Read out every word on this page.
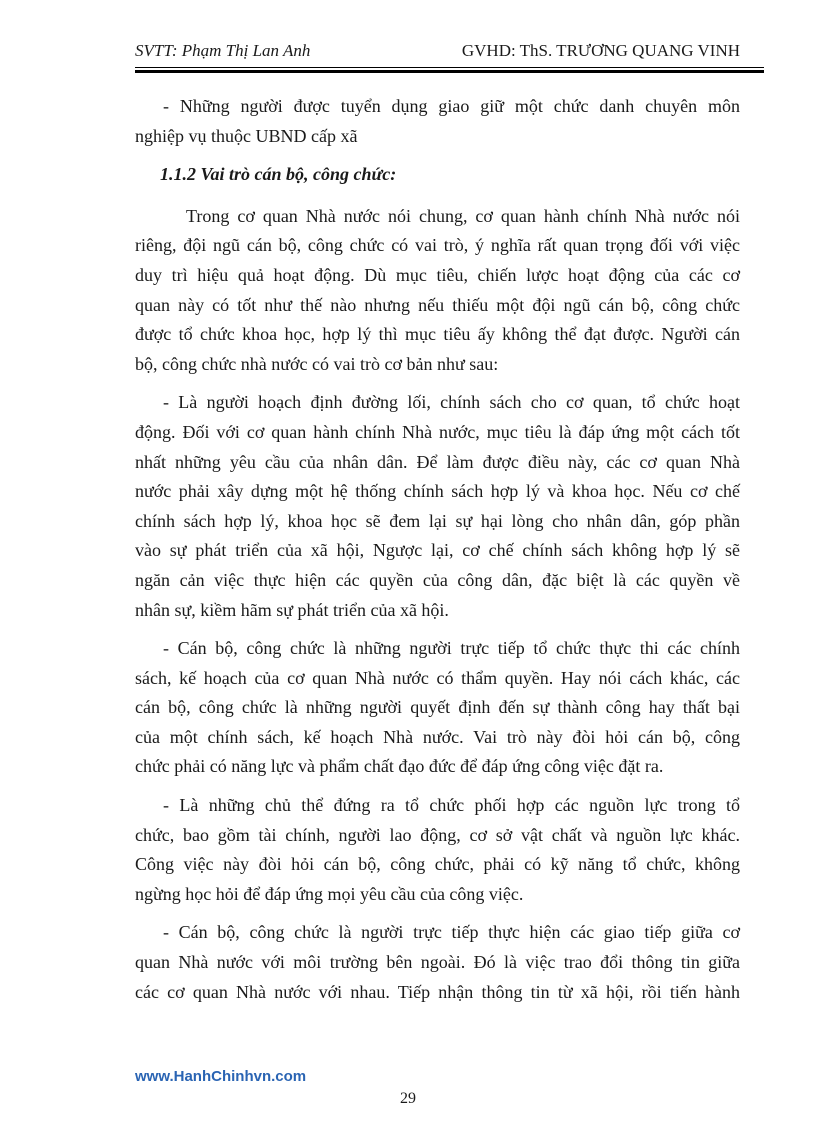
SVTT: Phạm Thị Lan Anh	GVHD: ThS. TRƯƠNG QUANG VINH

- Những người được tuyển dụng giao giữ một chức danh chuyên môn

nghiệp vụ thuộc UBND cấp xã

1.1.2 Vai trò cán bộ, công chức:

Trong cơ quan Nhà nước nói chung, cơ quan hành chính Nhà nước nói

riêng, đội ngũ cán bộ, công chức có vai trò, ý nghĩa rất quan trọng đối với việc

duy trì hiệu quả hoạt động. Dù mục tiêu, chiến lược hoạt động của các cơ

quan này có tốt như thế nào nhưng nếu thiếu một đội ngũ cán bộ, công chức

được tổ chức khoa học, hợp lý thì mục tiêu ấy không thể đạt được. Người cán

bộ, công chức nhà nước có vai trò cơ bản như sau:

- Là người hoạch định đường lối, chính sách cho cơ quan, tổ chức hoạt

động. Đối với cơ quan hành chính Nhà nước, mục tiêu là đáp ứng một cách tốt

nhất những yêu cầu của nhân dân. Để làm được điều này, các cơ quan Nhà

nước phải xây dựng một hệ thống chính sách hợp lý và khoa học. Nếu cơ chế

chính sách hợp lý, khoa học sẽ đem lại sự hại lòng cho nhân dân, góp phần

vào sự phát triển của xã hội, Ngược lại, cơ chế chính sách không hợp lý sẽ

ngăn cản việc thực hiện các quyền của công dân, đặc biệt là các quyền về

nhân sự, kiềm hãm sự phát triển của xã hội.

- Cán bộ, công chức là những người trực tiếp tổ chức thực thi các chính

sách, kế hoạch của cơ quan Nhà nước có thẩm quyền. Hay nói cách khác, các

cán bộ, công chức là những người quyết định đến sự thành công hay thất bại

của một chính sách, kế hoạch Nhà nước. Vai trò này đòi hỏi cán bộ, công

chức phải có năng lực và phẩm chất đạo đức để đáp ứng công việc đặt ra.

- Là những chủ thể đứng ra tổ chức phối hợp các nguồn lực trong tổ

chức, bao gồm tài chính, người lao động, cơ sở vật chất và nguồn lực khác.

Công việc này đòi hỏi cán bộ, công chức, phải có kỹ năng tổ chức, không

ngừng học hỏi để đáp ứng mọi yêu cầu của công việc.

- Cán bộ, công chức là người trực tiếp thực hiện các giao tiếp giữa cơ

quan Nhà nước với môi trường bên ngoài. Đó là việc trao đổi thông tin giữa

các cơ quan Nhà nước với nhau. Tiếp nhận thông tin từ xã hội, rồi tiến hành

www.HanhChinhvn.com
29
